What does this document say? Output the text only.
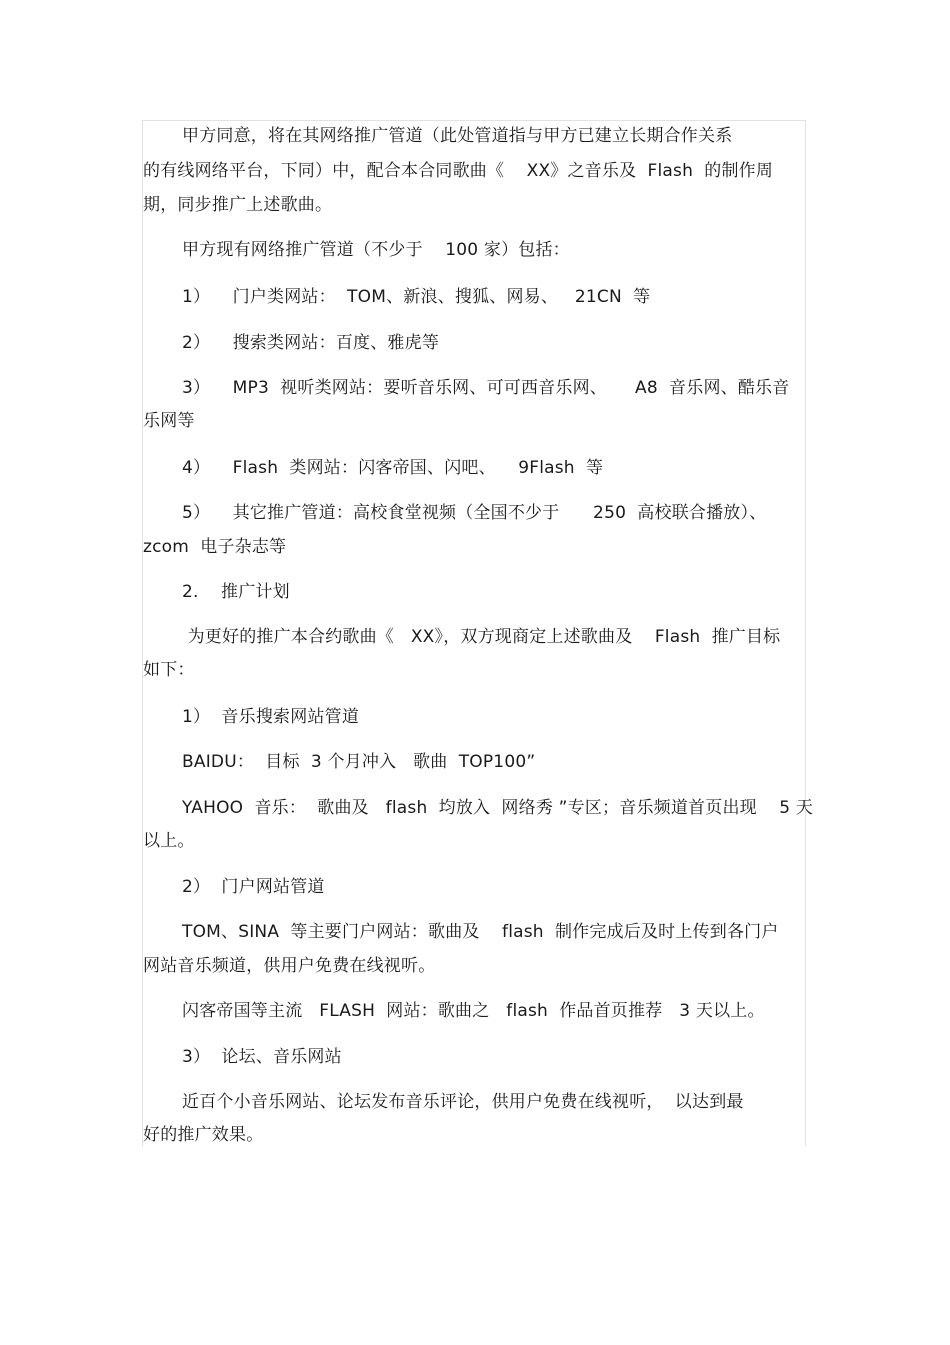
甲方同意，将在其网络推广管道（此处管道指与甲方已建立长期合作关系
的有线网络平台，下同）中，配合本合同歌曲《    XX》之音乐及  Flash  的制作周
期，同步推广上述歌曲。
甲方现有网络推广管道（不少于    100 家）包括：
1）    门户类网站：  TOM、新浪、搜狐、网易、   21CN  等
2）    搜索类网站：百度、雅虎等
3）    MP3  视听类网站：要听音乐网、可可西音乐网、     A8  音乐网、酷乐音
乐网等
4）    Flash  类网站：闪客帝国、闪吧、    9Flash  等
5）    其它推广管道：高校食堂视频（全国不少于      250  高校联合播放）、
zcom  电子杂志等
2.    推广计划
为更好的推广本合约歌曲《   XX》，双方现商定上述歌曲及    Flash  推广目标
如下：
1）  音乐搜索网站管道
BAIDU：  目标  3 个月冲入   歌曲  TOP100”
YAHOO  音乐：  歌曲及   flash  均放入  网络秀 ”专区；音乐频道首页出现    5 天
以上。
2）  门户网站管道
TOM、SINA  等主要门户网站：歌曲及    flash  制作完成后及时上传到各门户
网站音乐频道，供用户免费在线视听。
闪客帝国等主流   FLASH  网站：歌曲之   flash  作品首页推荐   3 天以上。
3）  论坛、音乐网站
近百个小音乐网站、论坛发布音乐评论，供用户免费在线视听，  以达到最
好的推广效果。
